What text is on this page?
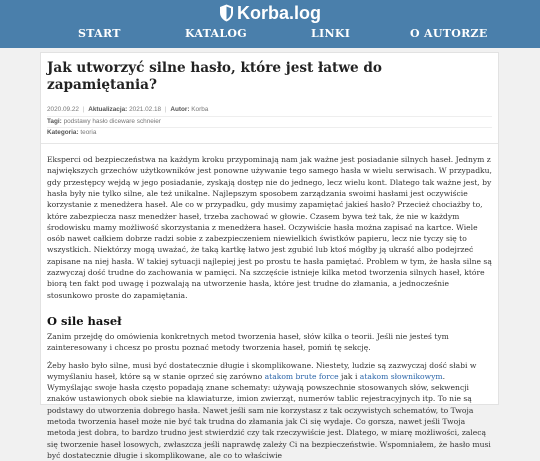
Korba.log
START	KATALOG	LINKI	O AUTORZE
Jak utworzyć silne hasło, które jest łatwe do zapamiętania?
2020.09.22 | Aktualizacja: 2021.02.18 | Autor: Korba
Tagi: podstawy hasło diceware schneier
Kategoria: teoria

Eksperci od bezpieczeństwa na każdym kroku przypominają nam jak ważne jest posiadanie silnych haseł. Jednym z największych grzechów użytkowników jest ponowne używanie tego samego hasła w wielu serwisach. W przypadku, gdy przestępcy wejdą w jego posiadanie, zyskają dostęp nie do jednego, lecz wielu kont. Dlatego tak ważne jest, by hasła były nie tylko silne, ale też unikalne. Najlepszym sposobem zarządzania swoimi hasłami jest oczywiście korzystanie z menedżera haseł. Ale co w przypadku, gdy musimy zapamiętać jakieś hasło? Przecież chociażby to, które zabezpiecza nasz menedżer haseł, trzeba zachować w głowie. Czasem bywa też tak, że nie w każdym środowisku mamy możliwość skorzystania z menedżera haseł. Oczywiście hasła można zapisać na kartce. Wiele osób nawet całkiem dobrze radzi sobie z zabezpieczeniem niewielkich świstków papieru, lecz nie tyczy się to wszystkich. Niektórzy mogą uważać, że taką kartkę łatwo jest zgubić lub ktoś mógłby ją ukraść albo podejrzeć zapisane na niej hasła. W takiej sytuacji najlepiej jest po prostu te hasła pamiętać. Problem w tym, że hasła silne są zazwyczaj dość trudne do zachowania w pamięci. Na szczęście istnieje kilka metod tworzenia silnych haseł, które biorą ten fakt pod uwagę i pozwalają na utworzenie hasła, które jest trudne do złamania, a jednocześnie stosunkowo proste do zapamiętania.

O sile haseł

Zanim przejdę do omówienia konkretnych metod tworzenia haseł, słów kilka o teorii. Jeśli nie jesteś tym zainteresowany i chcesz po prostu poznać metody tworzenia haseł, pomiń tę sekcję.

Żeby hasło było silne, musi być dostatecznie długie i skomplikowane. Niestety, ludzie są zazwyczaj dość słabi w wymyślaniu haseł, które są w stanie oprzeć się zarówno atakom brute force jak i atakom słownikowym. Wymyślając swoje hasła często popadają znane schematy: używają powszechnie stosowanych słów, sekwencji znaków ustawionych obok siebie na klawiaturze, imion zwierząt, numerów tablic rejestracyjnych itp. To nie są podstawy do utworzenia dobrego hasła. Nawet jeśli sam nie korzystasz z tak oczywistych schematów, to Twoja metoda tworzenia haseł może nie być tak trudna do złamania jak Ci się wydaje. Co gorsza, nawet jeśli Twoja metoda jest dobra, to bardzo trudno jest stwierdzić czy tak rzeczywiście jest. Dlatego, w miarę możliwości, zalecą się tworzenie haseł losowych, zwłaszcza jeśli naprawdę zależy Ci na bezpieczeństwie. Wspomniałem, że hasło musi być dostatecznie długie i skomplikowane, ale co to właściwie
